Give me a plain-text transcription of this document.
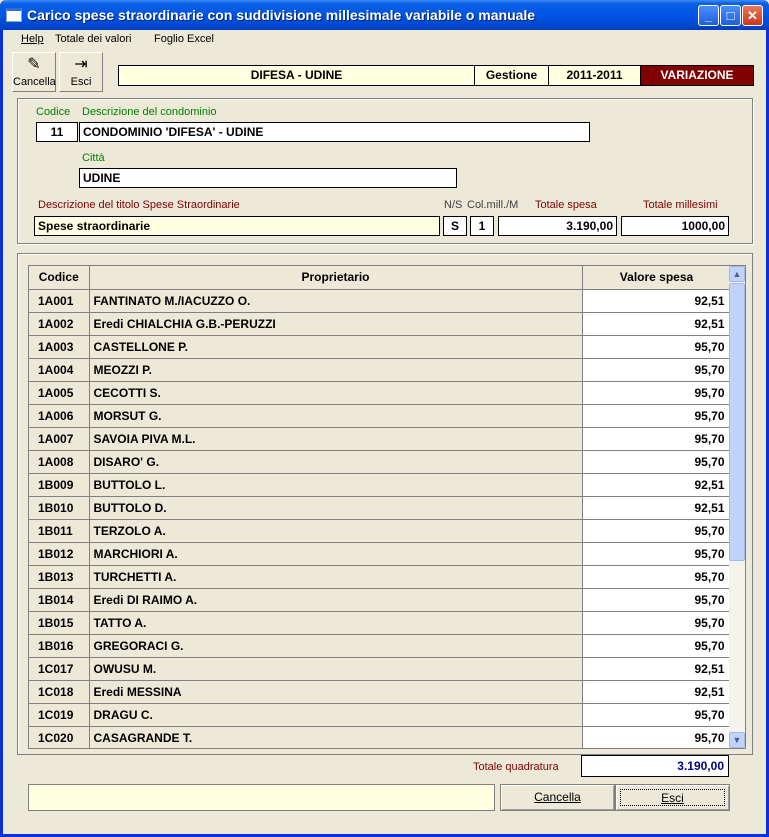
Carico spese straordinarie con suddivisione millesimale variabile o manuale	_	□ ✕
Help Totale dei valori Foglio Excel
✎
Cancella
⇥
Esci	DIFESA - UDINE	Gestione	2011-2011	VARIAZIONE
Codice Descrizione del condominio
11	CONDOMINIO 'DIFESA' - UDINE
Città
UDINE
Descrizione del titolo Spese Straordinarie	N/S Col.mill./M Totale spesa	Totale millesimi
Spese straordinarie	S	1	3.190,00	1000,00
Codice	Proprietario	Valore spesa
1A001	FANTINATO M./IACUZZO O.	92,51
1A002	Eredi CHIALCHIA G.B.-PERUZZI	92,51
1A003	CASTELLONE P.	95,70
1A004	MEOZZI P.	95,70
1A005	CECOTTI S.	95,70
1A006	MORSUT G.	95,70
1A007	SAVOIA PIVA M.L.	95,70
1A008	DISARO' G.	95,70
1B009	BUTTOLO L.	92,51
1B010	BUTTOLO D.	92,51
1B011	TERZOLO A.	95,70
1B012	MARCHIORI A.	95,70
1B013	TURCHETTI A.	95,70
1B014	Eredi DI RAIMO A.	95,70
1B015	TATTO A.	95,70
1B016	GREGORACI G.	95,70
1C017	OWUSU M.	92,51
1C018	Eredi MESSINA	92,51
1C019	DRAGU C.	95,70
1C020	CASAGRANDE T.	95,70
▲
▼
Totale quadratura	3.190,00
Cancella	Esci
